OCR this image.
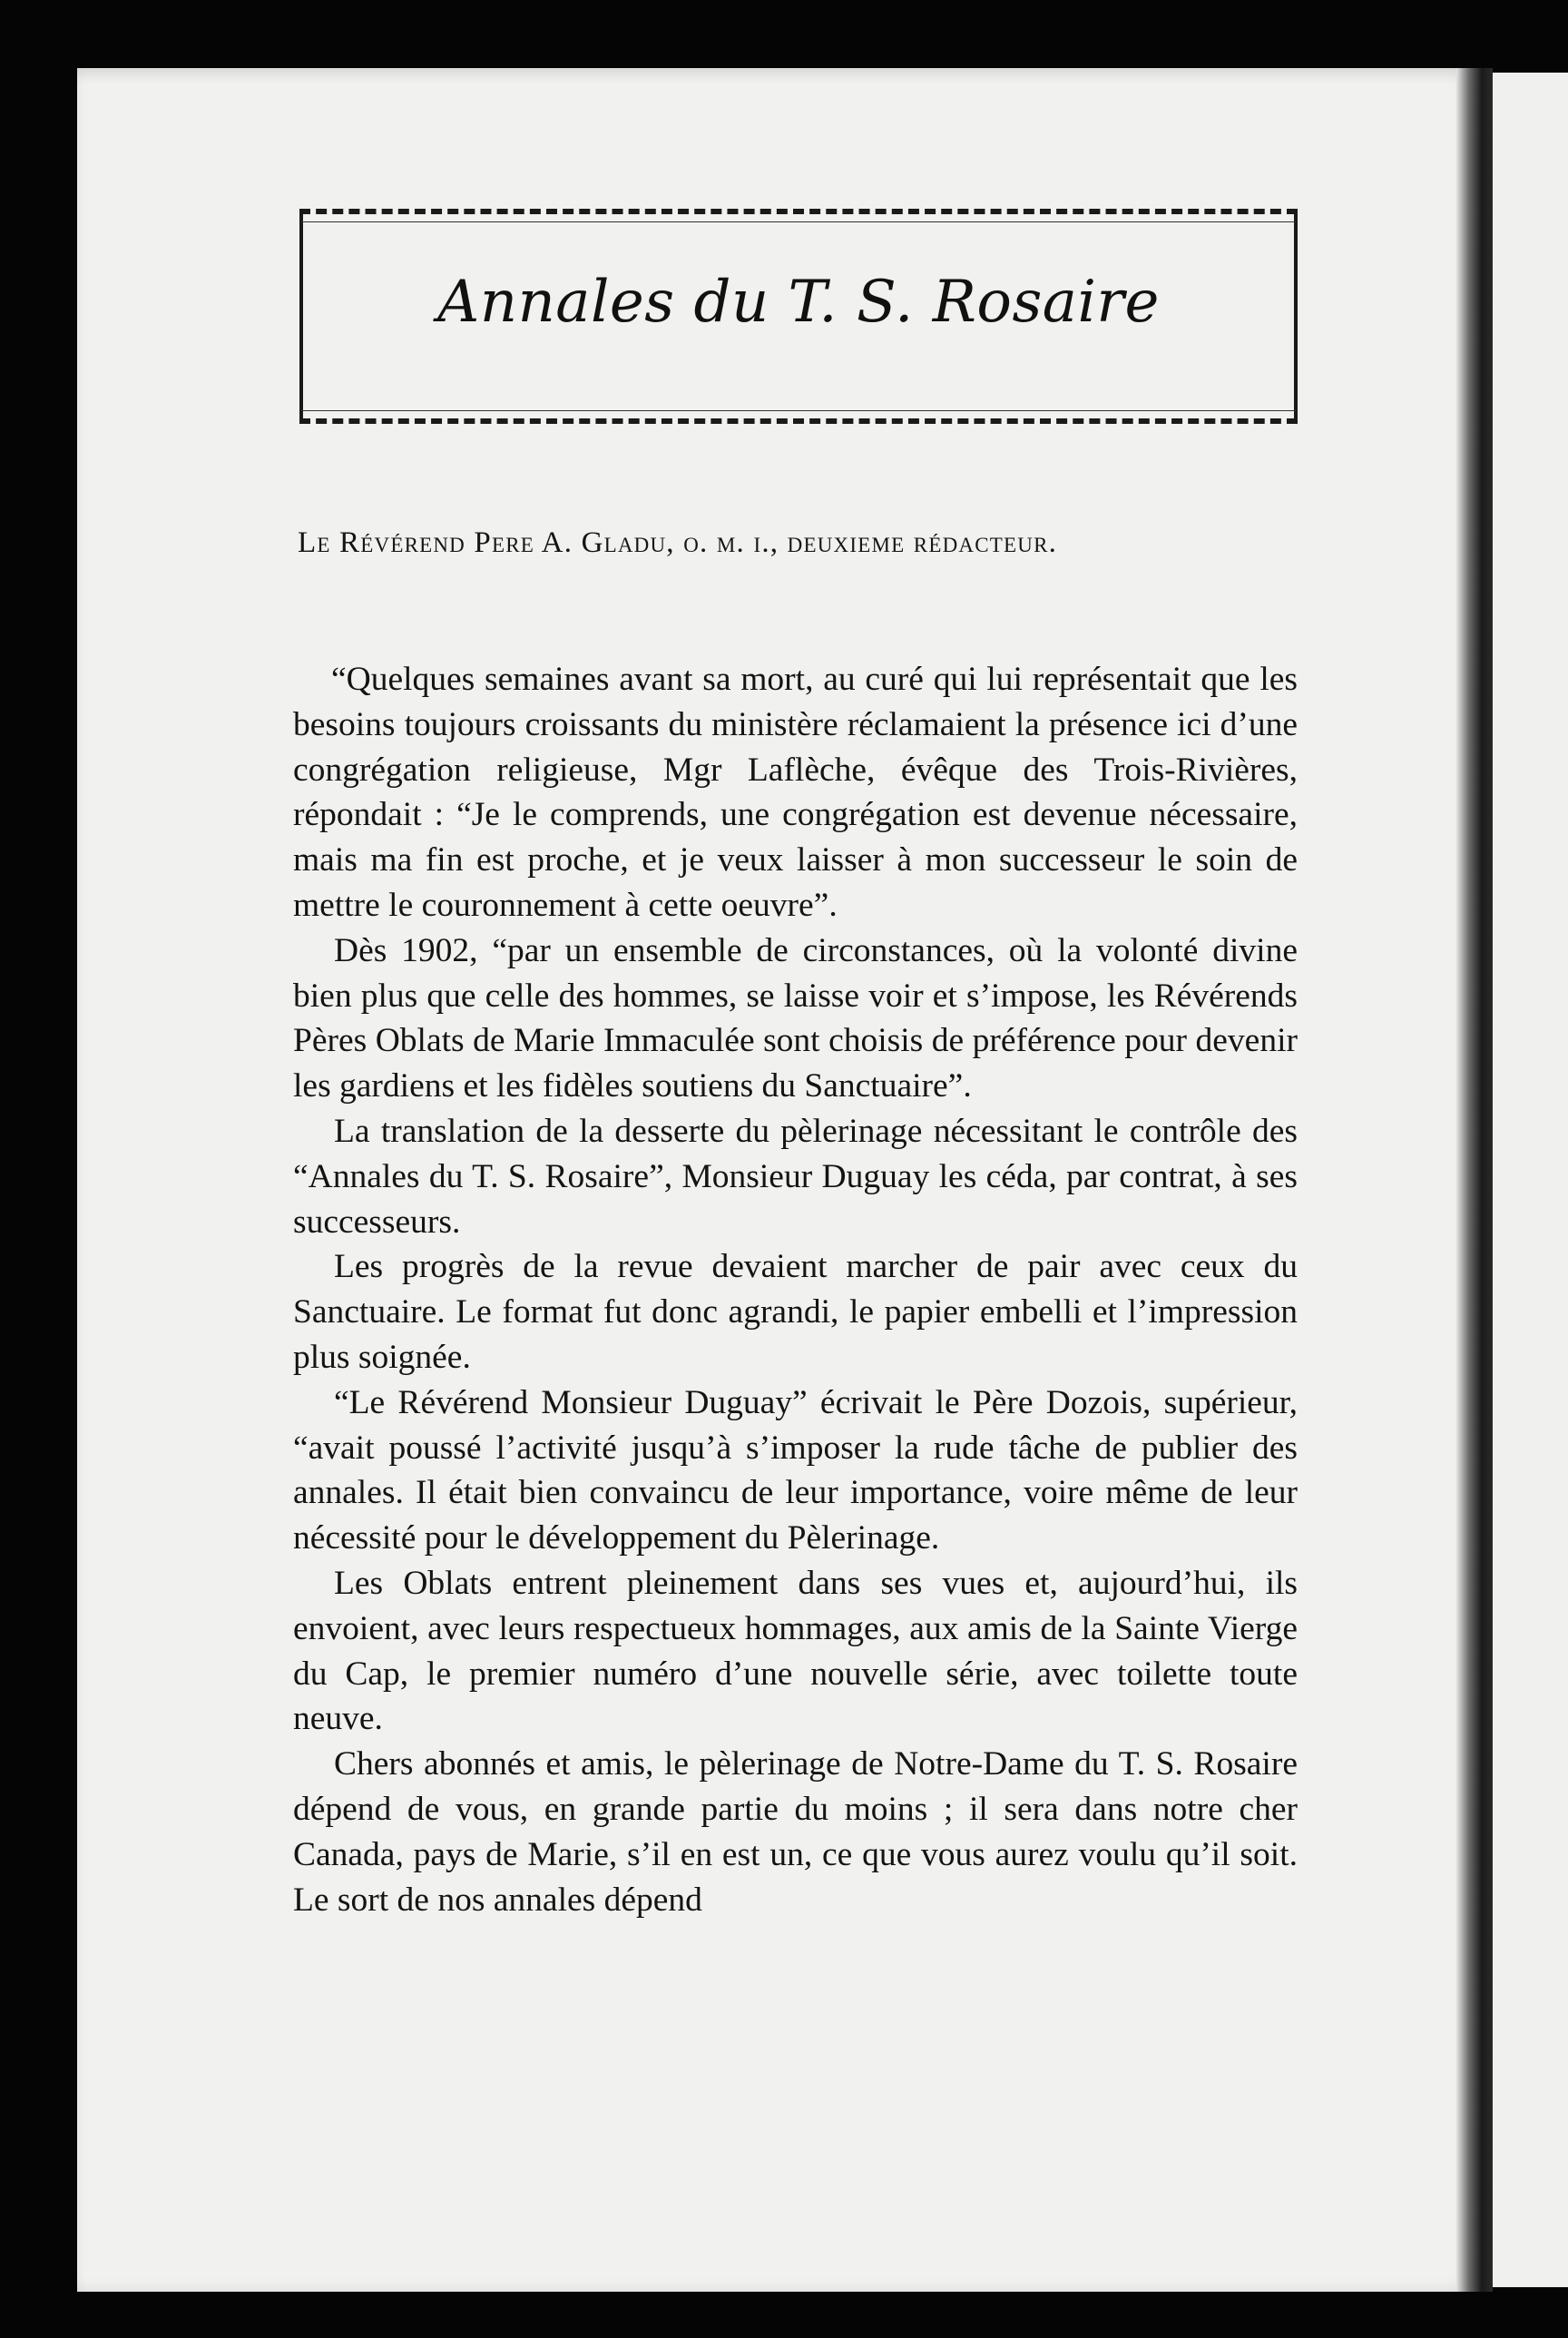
Annales du T. S. Rosaire
Le Révérend Pere A. Gladu, o. m. i., deuxieme rédacteur.

“Quelques semaines avant sa mort, au curé qui lui représentait que les besoins toujours croissants du ministère réclamaient la présence ici d’une congrégation religieuse, Mgr Laflèche, évêque des Trois-Rivières, répondait : “Je le comprends, une congrégation est devenue nécessaire, mais ma fin est proche, et je veux laisser à mon successeur le soin de mettre le couronnement à cette oeuvre”.

Dès 1902, “par un ensemble de circonstances, où la volonté divine bien plus que celle des hommes, se laisse voir et s’impose, les Révérends Pères Oblats de Marie Immaculée sont choisis de préférence pour devenir les gardiens et les fidèles soutiens du Sanctuaire”.

La translation de la desserte du pèlerinage nécessitant le contrôle des “Annales du T. S. Rosaire”, Monsieur Duguay les céda, par contrat, à ses successeurs.

Les progrès de la revue devaient marcher de pair avec ceux du Sanctuaire. Le format fut donc agrandi, le papier embelli et l’impression plus soignée.

“Le Révérend Monsieur Duguay” écrivait le Père Dozois, supérieur, “avait poussé l’activité jusqu’à s’imposer la rude tâche de publier des annales. Il était bien convaincu de leur importance, voire même de leur nécessité pour le développement du Pèlerinage.

Les Oblats entrent pleinement dans ses vues et, aujourd’hui, ils envoient, avec leurs respectueux hommages, aux amis de la Sainte Vierge du Cap, le premier numéro d’une nouvelle série, avec toilette toute neuve.

Chers abonnés et amis, le pèlerinage de Notre-Dame du T. S. Rosaire dépend de vous, en grande partie du moins ; il sera dans notre cher Canada, pays de Marie, s’il en est un, ce que vous aurez voulu qu’il soit. Le sort de nos annales dépend
